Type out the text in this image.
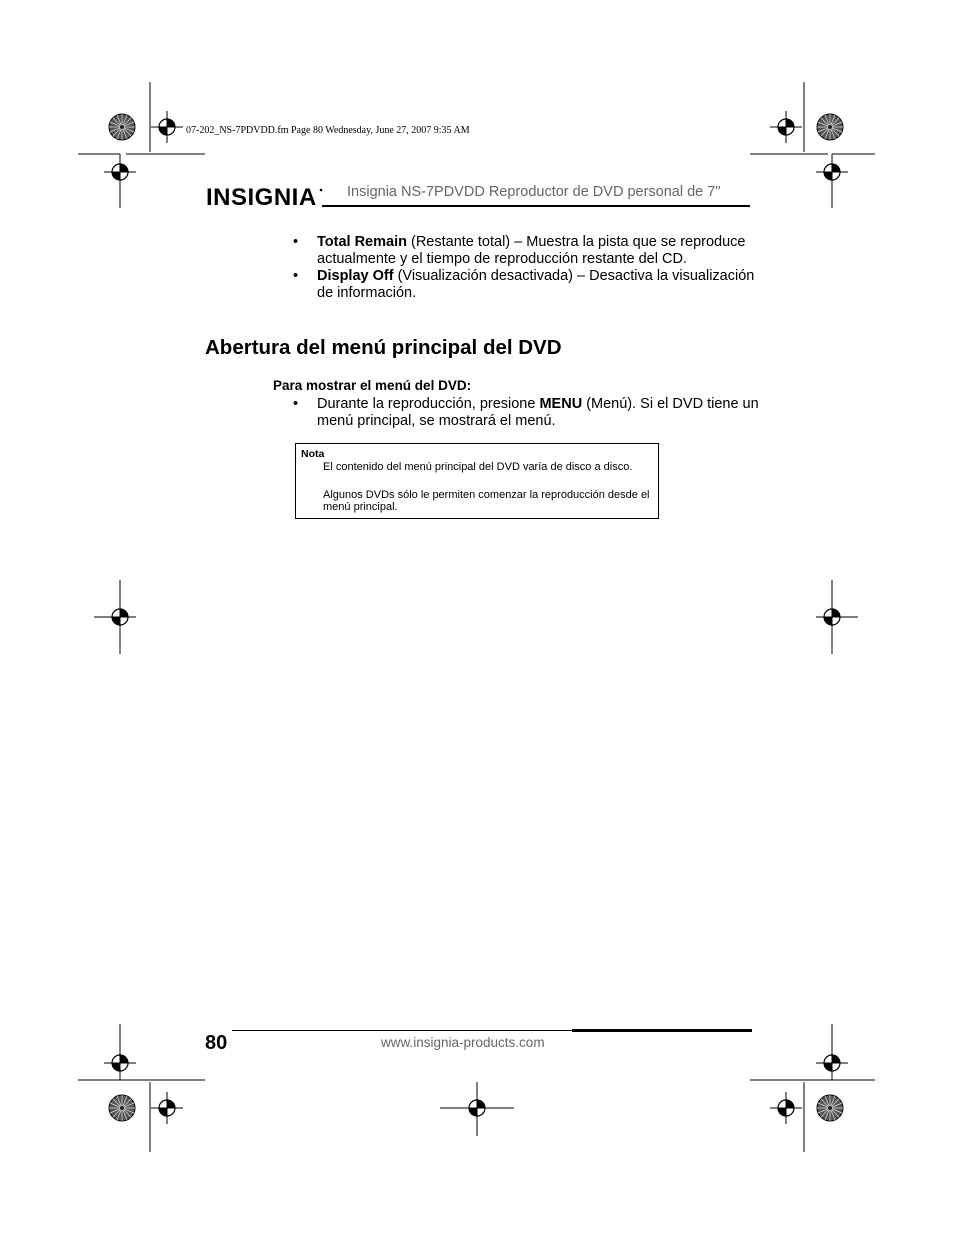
07-202_NS-7PDVDD.fm Page 80 Wednesday, June 27, 2007 9:35 AM
INSIGNIA Insignia NS-7PDVDD Reproductor de DVD personal de 7"
• Total Remain (Restante total) – Muestra la pista que se reproduce actualmente y el tiempo de reproducción restante del CD.
• Display Off (Visualización desactivada) – Desactiva la visualización de información.
Abertura del menú principal del DVD
Para mostrar el menú del DVD:
• Durante la reproducción, presione MENU (Menú). Si el DVD tiene un menú principal, se mostrará el menú.
Nota
El contenido del menú principal del DVD varía de disco a disco.
Algunos DVDs sólo le permiten comenzar la reproducción desde el menú principal.
80	www.insignia-products.com
